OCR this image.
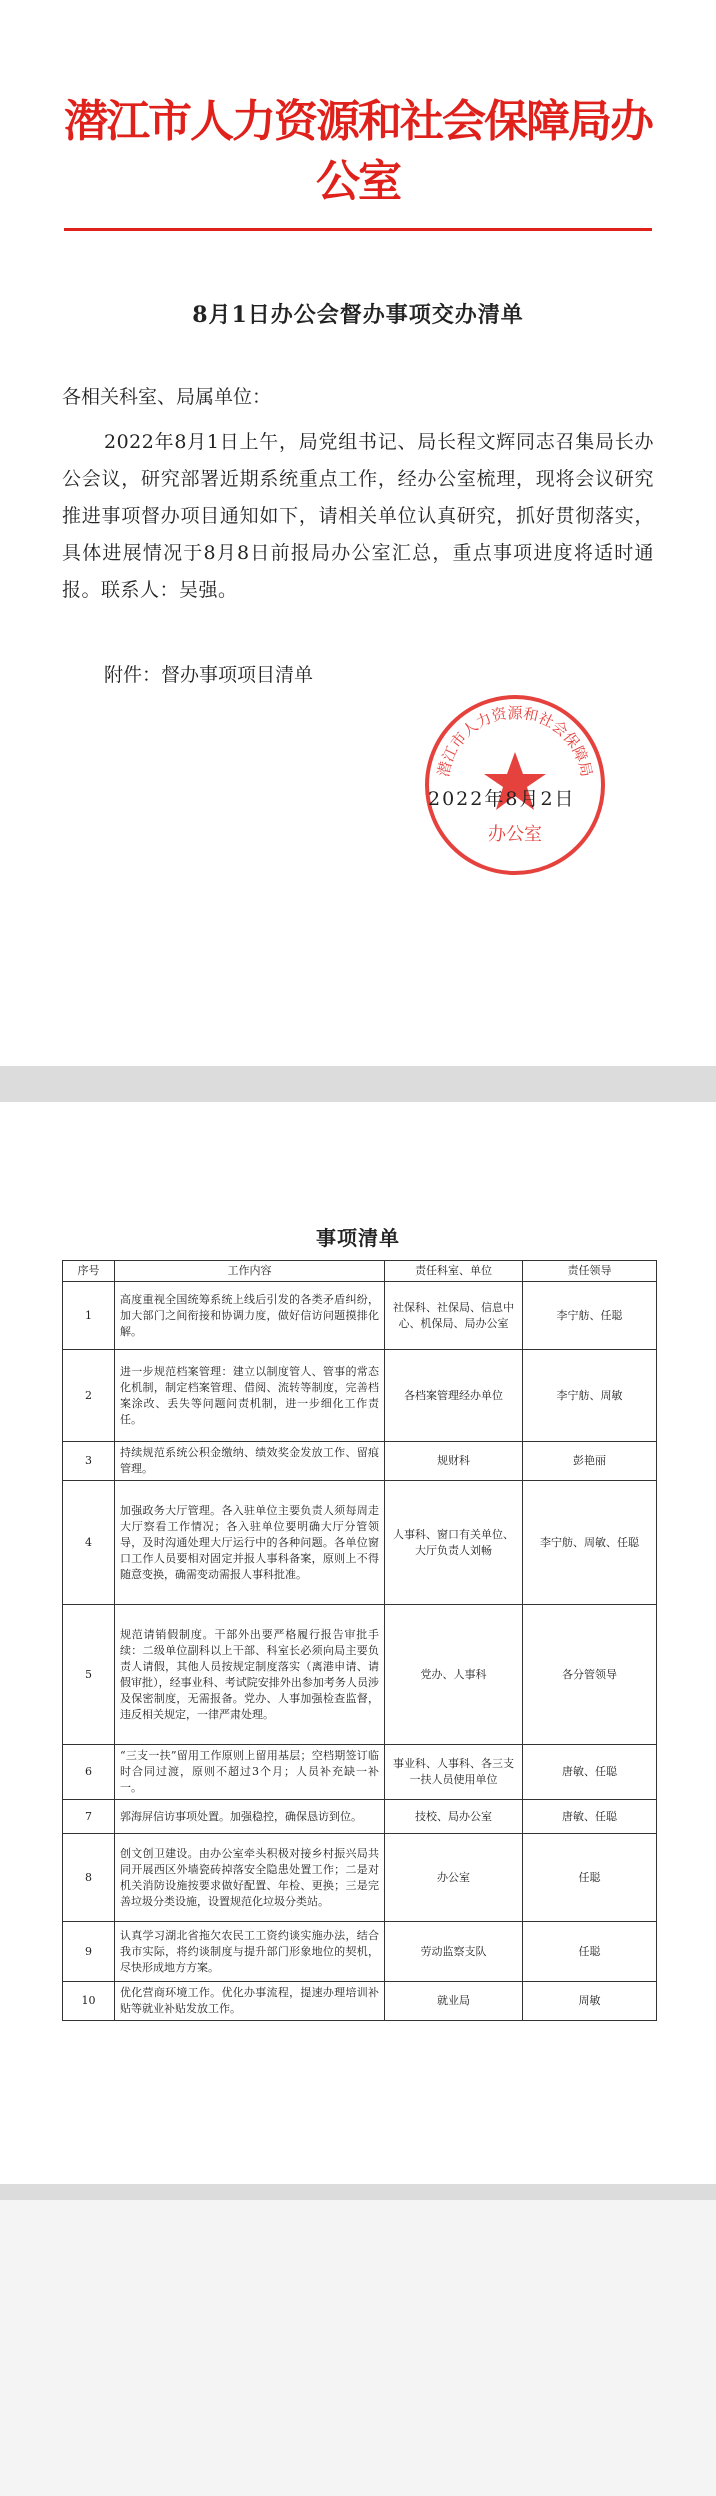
潜江市人力资源和社会保障局办公室
8月1日办公会督办事项交办清单
各相关科室、局属单位：
2022年8月1日上午，局党组书记、局长程文辉同志召集局长办公会议，研究部署近期系统重点工作，经办公室梳理，现将会议研究推进事项督办项目通知如下，请相关单位认真研究，抓好贯彻落实，具体进展情况于8月8日前报局办公室汇总，重点事项进度将适时通报。联系人：吴强。
附件：督办事项项目清单
潜江市人力资源和社会保障局
办公室
2022年8月2日
事项清单
序号	工作内容	责任科室、单位	责任领导
1	高度重视全国统筹系统上线后引发的各类矛盾纠纷，加大部门之间衔接和协调力度，做好信访问题摸排化解。	社保科、社保局、信息中心、机保局、局办公室	李宁舫、任聪
2	进一步规范档案管理：建立以制度管人、管事的常态化机制，制定档案管理、借阅、流转等制度，完善档案涂改、丢失等问题问责机制，进一步细化工作责任。	各档案管理经办单位	李宁舫、周敏
3	持续规范系统公积金缴纳、绩效奖金发放工作、留痕管理。	规财科	彭艳丽
4	加强政务大厅管理。各入驻单位主要负责人须每周走大厅察看工作情况；各入驻单位要明确大厅分管领导，及时沟通处理大厅运行中的各种问题。各单位窗口工作人员要相对固定并报人事科备案，原则上不得随意变换，确需变动需报人事科批准。	人事科、窗口有关单位、大厅负责人刘畅	李宁舫、周敏、任聪
5	规范请销假制度。干部外出要严格履行报告审批手续：二级单位副科以上干部、科室长必须向局主要负责人请假，其他人员按规定制度落实（离港申请、请假审批），经事业科、考试院安排外出参加考务人员涉及保密制度，无需报备。党办、人事加强检查监督，违反相关规定，一律严肃处理。	党办、人事科	各分管领导
6	“三支一扶”留用工作原则上留用基层；空档期签订临时合同过渡，原则不超过3个月；人员补充缺一补一。	事业科、人事科、各三支一扶人员使用单位	唐敏、任聪
7	郭海屏信访事项处置。加强稳控，确保恳访到位。	技校、局办公室	唐敏、任聪
8	创文创卫建设。由办公室牵头积极对接乡村振兴局共同开展西区外墙瓷砖掉落安全隐患处置工作；二是对机关消防设施按要求做好配置、年检、更换；三是完善垃圾分类设施，设置规范化垃圾分类站。	办公室	任聪
9	认真学习湖北省拖欠农民工工资约谈实施办法，结合我市实际，将约谈制度与提升部门形象地位的契机，尽快形成地方方案。	劳动监察支队	任聪
10	优化营商环境工作。优化办事流程，提速办理培训补贴等就业补贴发放工作。	就业局	周敏
